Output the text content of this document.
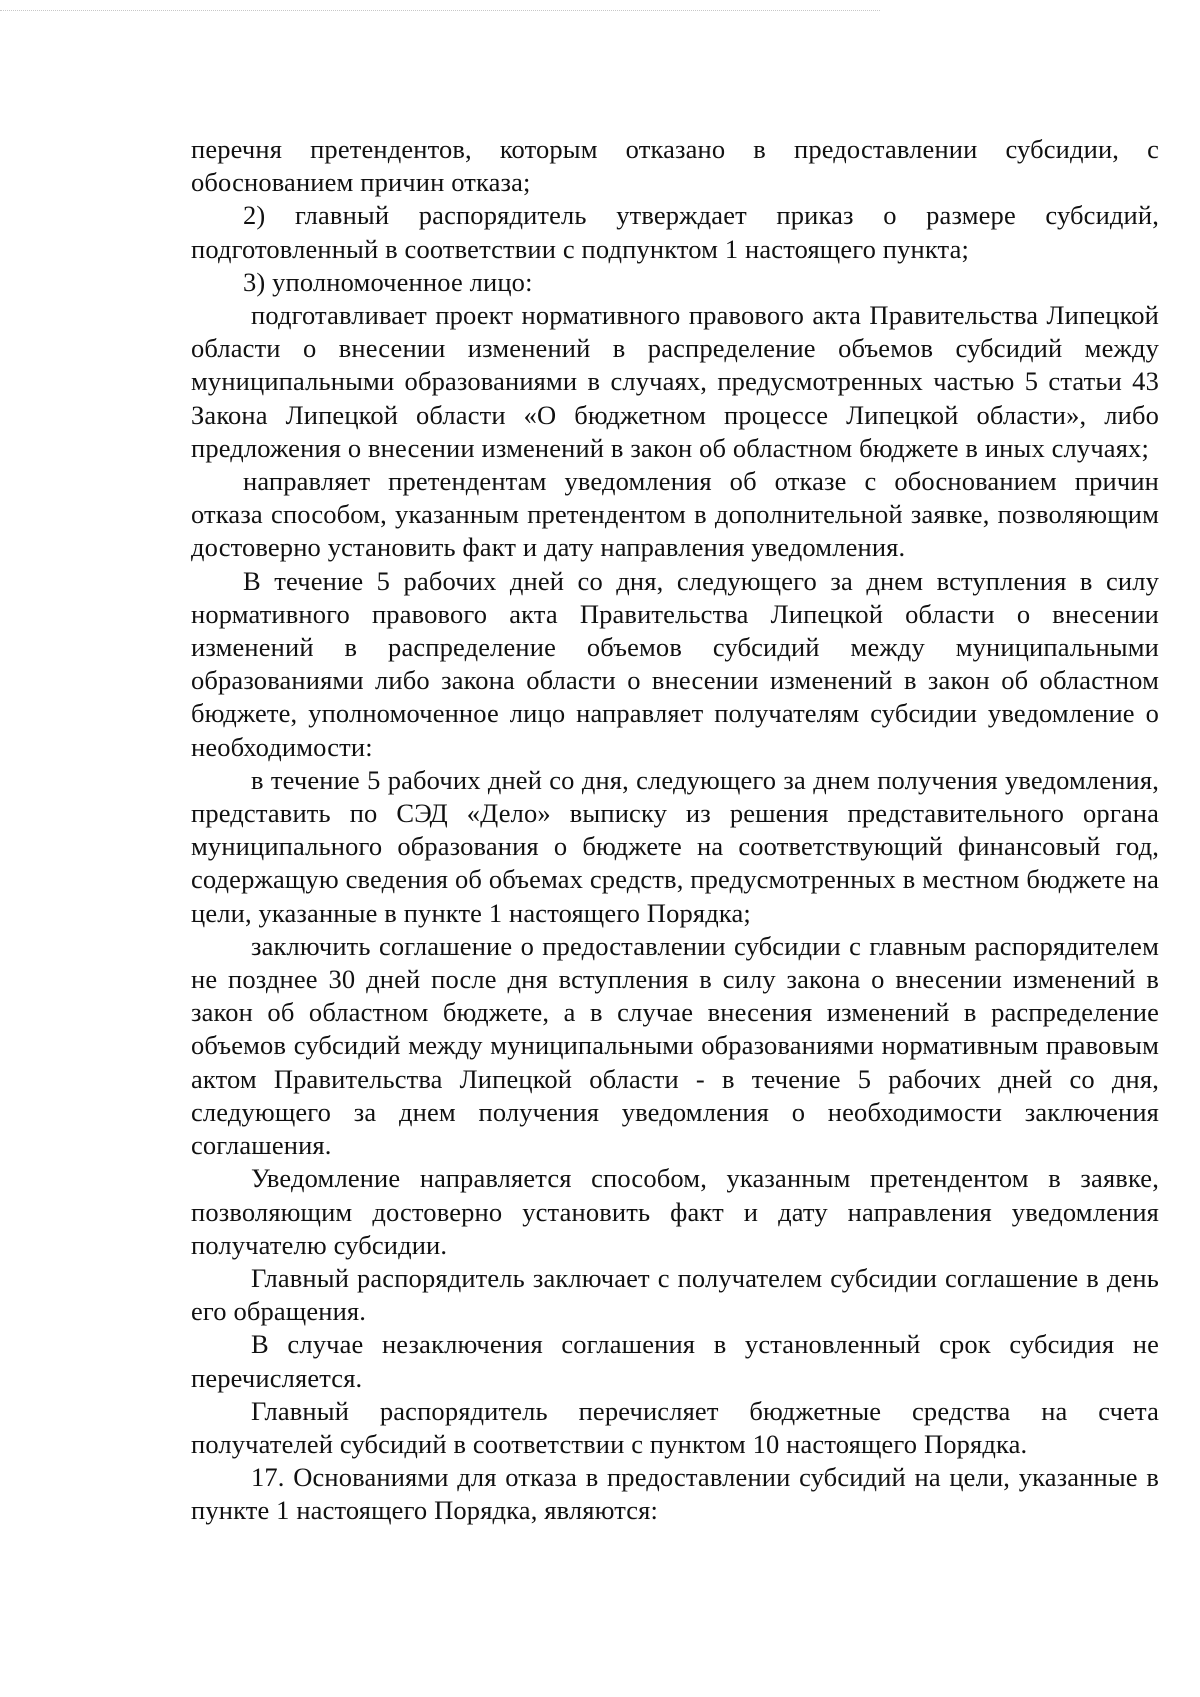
перечня претендентов, которым отказано в предоставлении субсидии, с обоснованием причин отказа;

2) главный распорядитель утверждает приказ о размере субсидий, подготовленный в соответствии с подпунктом 1 настоящего пункта;

3) уполномоченное лицо:

подготавливает проект нормативного правового акта Правительства Липецкой области о внесении изменений в распределение объемов субсидий между муниципальными образованиями в случаях, предусмотренных частью 5 статьи 43 Закона Липецкой области «О бюджетном процессе Липецкой области», либо предложения о внесении изменений в закон об областном бюджете в иных случаях;

направляет претендентам уведомления об отказе с обоснованием причин отказа способом, указанным претендентом в дополнительной заявке, позволяющим достоверно установить факт и дату направления уведомления.

В течение 5 рабочих дней со дня, следующего за днем вступления в силу нормативного правового акта Правительства Липецкой области о внесении изменений в распределение объемов субсидий между муниципальными образованиями либо закона области о внесении изменений в закон об областном бюджете, уполномоченное лицо направляет получателям субсидии уведомление о необходимости:

в течение 5 рабочих дней со дня, следующего за днем получения уведомления, представить по СЭД «Дело» выписку из решения представительного органа муниципального образования о бюджете на соответствующий финансовый год, содержащую сведения об объемах средств, предусмотренных в местном бюджете на цели, указанные в пункте 1 настоящего Порядка;

заключить соглашение о предоставлении субсидии с главным распорядителем не позднее 30 дней после дня вступления в силу закона о внесении изменений в закон об областном бюджете, а в случае внесения изменений в распределение объемов субсидий между муниципальными образованиями нормативным правовым актом Правительства Липецкой области - в течение 5 рабочих дней со дня, следующего за днем получения уведомления о необходимости заключения соглашения.

Уведомление направляется способом, указанным претендентом в заявке, позволяющим достоверно установить факт и дату направления уведомления получателю субсидии.

Главный распорядитель заключает с получателем субсидии соглашение в день его обращения.

В случае незаключения соглашения в установленный срок субсидия не перечисляется.

Главный распорядитель перечисляет бюджетные средства на счета получателей субсидий в соответствии с пунктом 10 настоящего Порядка.

17. Основаниями для отказа в предоставлении субсидий на цели, указанные в пункте 1 настоящего Порядка, являются:
